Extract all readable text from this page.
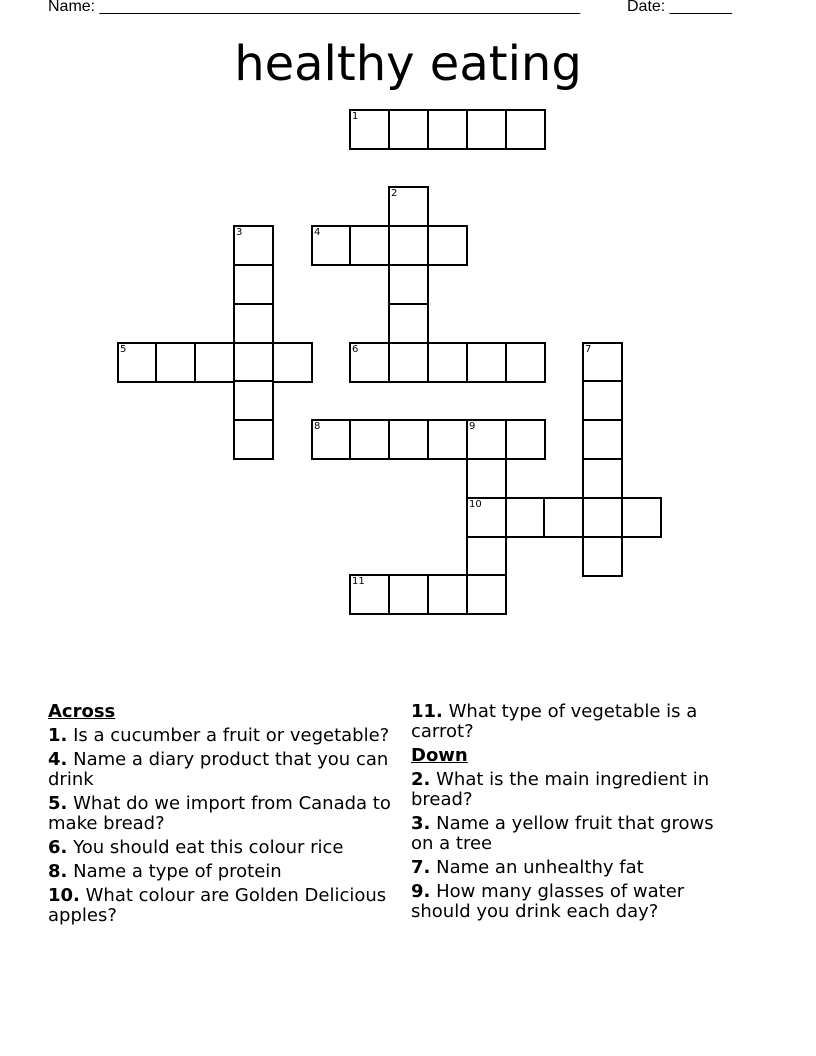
Name: ______________________________________________________	Date: _______
healthy eating
1
2
3	4
5	6	7
8	9
10
11
Across
1. Is a cucumber a fruit or vegetable?
4. Name a diary product that you can drink
5. What do we import from Canada to make bread?
6. You should eat this colour rice
8. Name a type of protein
10. What colour are Golden Delicious apples?
11. What type of vegetable is a carrot?
Down
2. What is the main ingredient in bread?
3. Name a yellow fruit that grows on a tree
7. Name an unhealthy fat
9. How many glasses of water should you drink each day?
